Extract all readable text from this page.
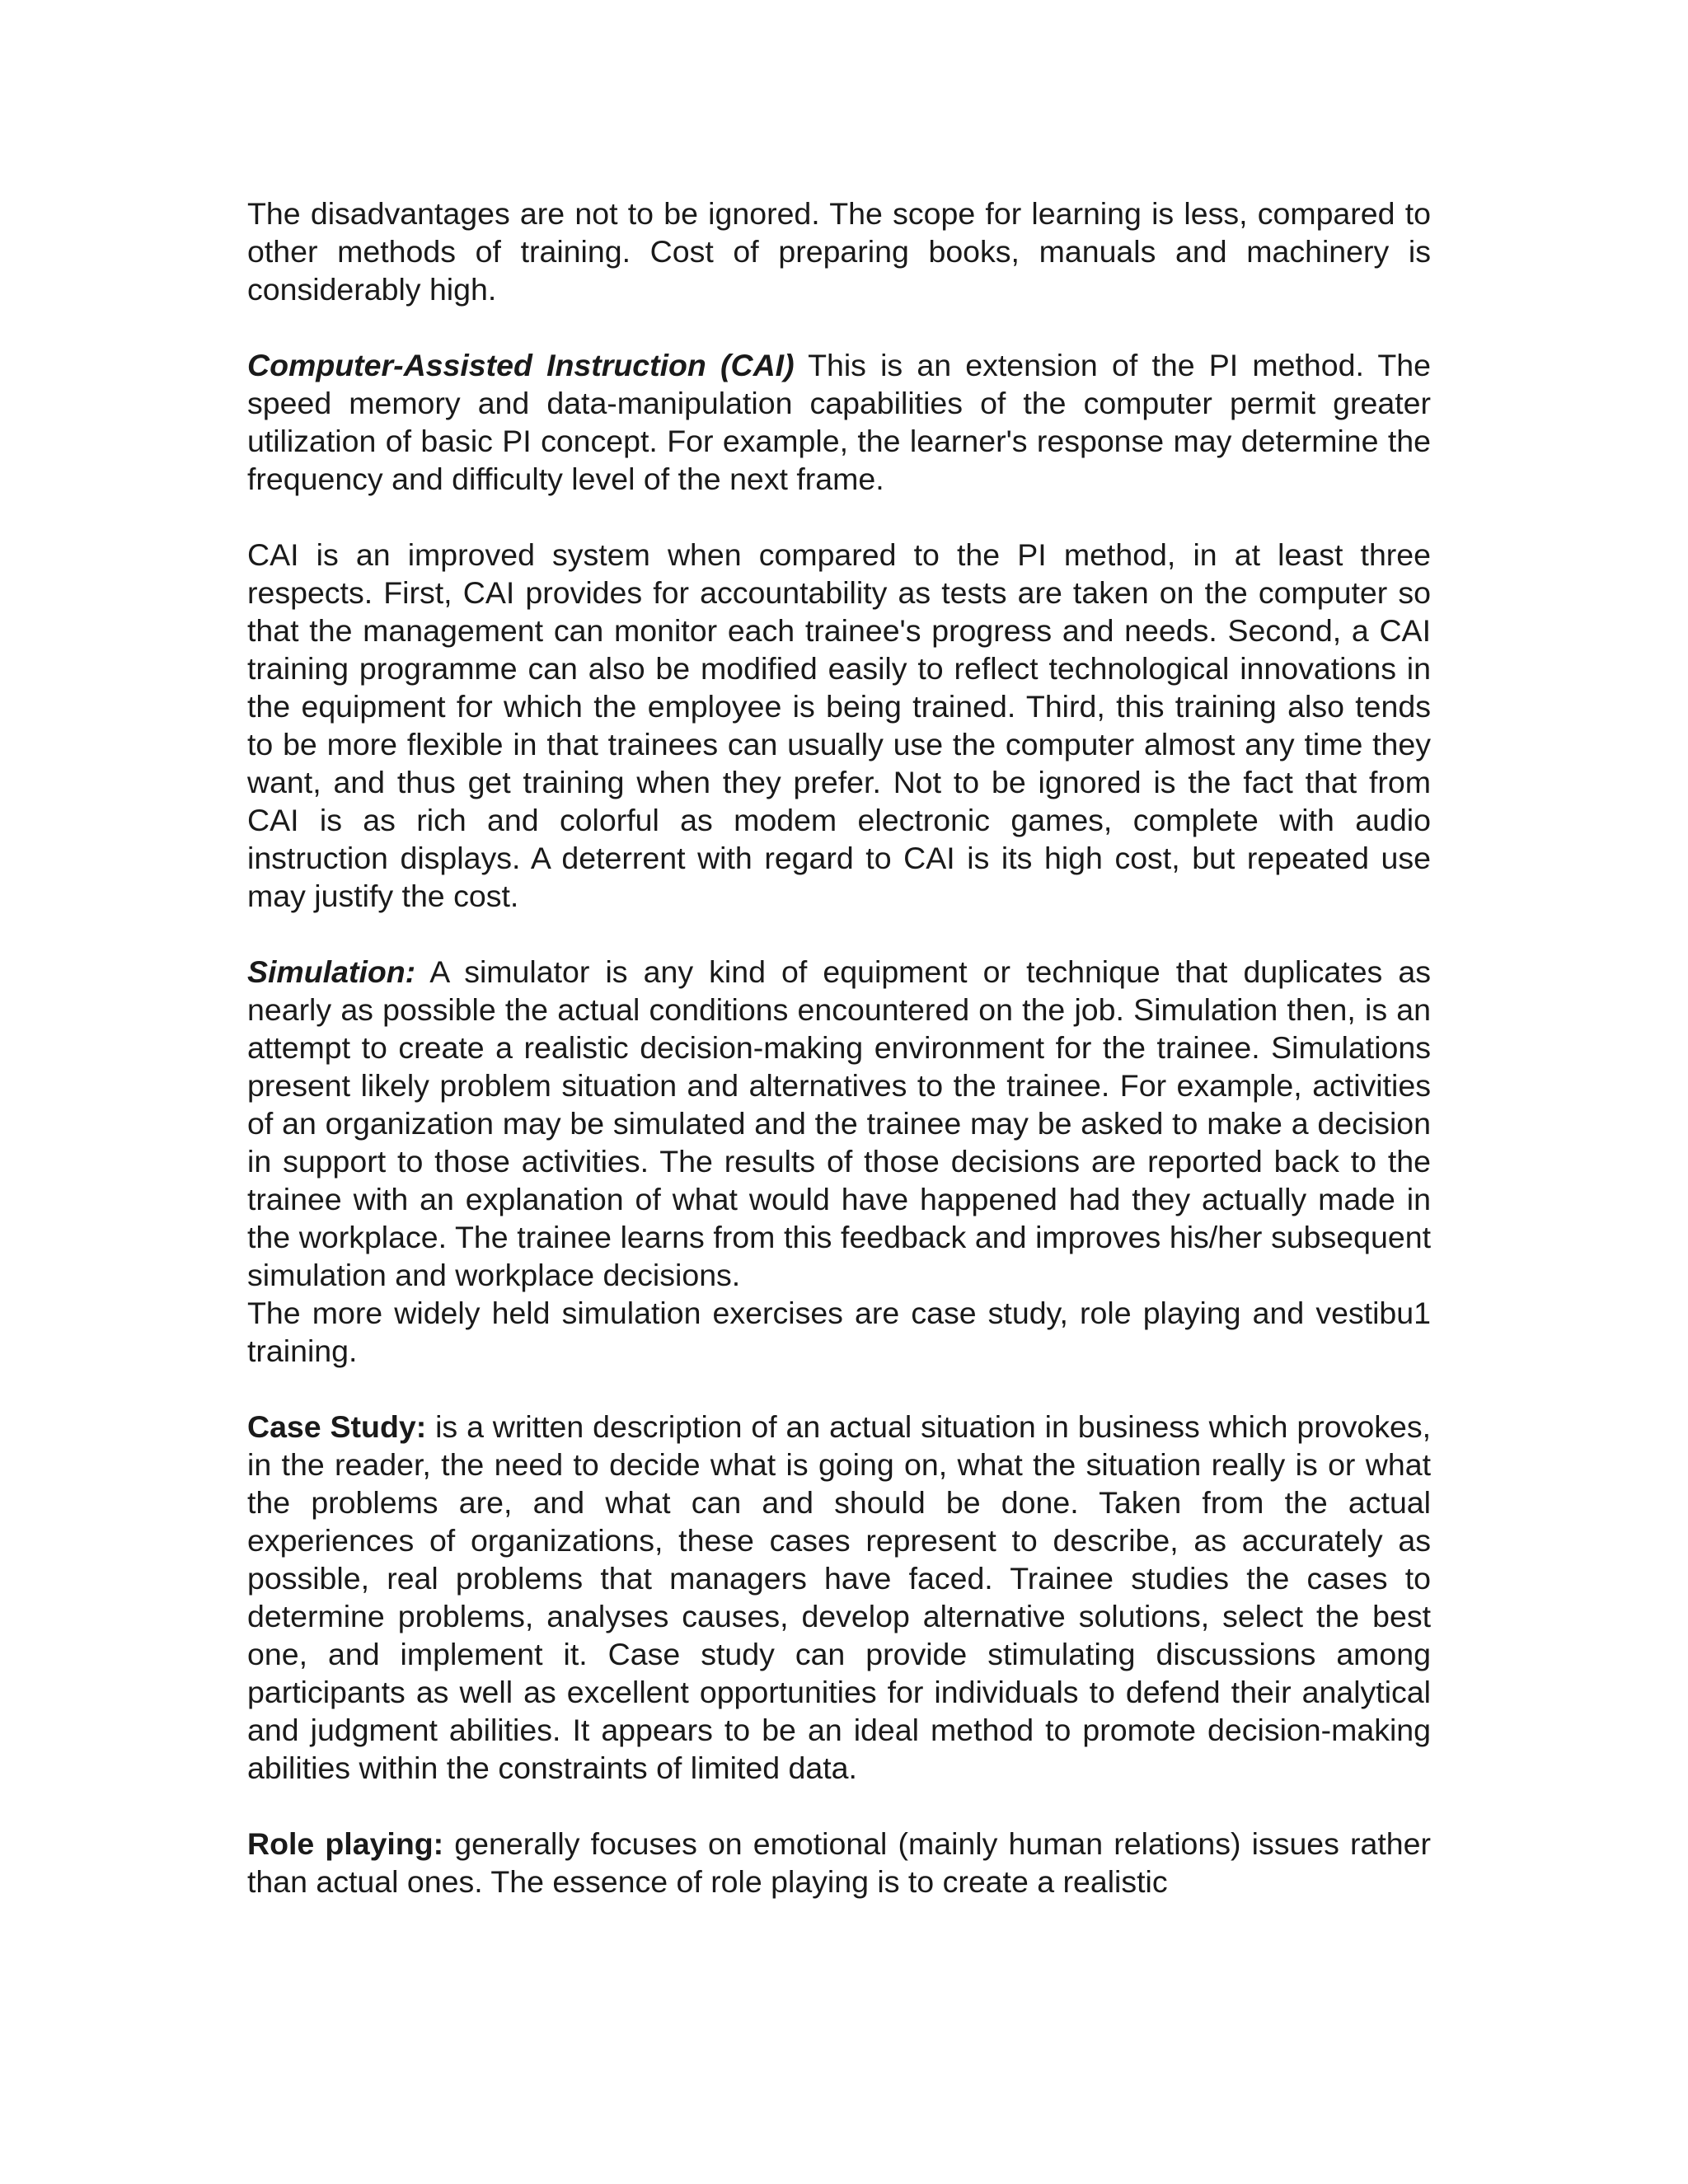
The disadvantages are not to be ignored. The scope for learning is less, compared to other methods of training. Cost of preparing books, manuals and machinery is considerably high.

Computer-Assisted Instruction (CAI) This is an extension of the PI method. The speed memory and data-manipulation capabilities of the computer permit greater utilization of basic PI concept. For example, the learner's response may determine the frequency and difficulty level of the next frame.

CAI is an improved system when compared to the PI method, in at least three respects. First, CAI provides for accountability as tests are taken on the computer so that the management can monitor each trainee's progress and needs. Second, a CAI training programme can also be modified easily to reflect technological innovations in the equipment for which the employee is being trained. Third, this training also tends to be more flexible in that trainees can usually use the computer almost any time they want, and thus get training when they prefer. Not to be ignored is the fact that from CAI is as rich and colorful as modem electronic games, complete with audio instruction displays. A deterrent with regard to CAI is its high cost, but repeated use may justify the cost.

Simulation: A simulator is any kind of equipment or technique that duplicates as nearly as possible the actual conditions encountered on the job. Simulation then, is an attempt to create a realistic decision-making environment for the trainee. Simulations present likely problem situation and alternatives to the trainee. For example, activities of an organization may be simulated and the trainee may be asked to make a decision in support to those activities. The results of those decisions are reported back to the trainee with an explanation of what would have happened had they actually made in the workplace. The trainee learns from this feedback and improves his/her subsequent simulation and workplace decisions.

The more widely held simulation exercises are case study, role playing and vestibu1 training.

Case Study: is a written description of an actual situation in business which provokes, in the reader, the need to decide what is going on, what the situation really is or what the problems are, and what can and should be done. Taken from the actual experiences of organizations, these cases represent to describe, as accurately as possible, real problems that managers have faced. Trainee studies the cases to determine problems, analyses causes, develop alternative solutions, select the best one, and implement it. Case study can provide stimulating discussions among participants as well as excellent opportunities for individuals to defend their analytical and judgment abilities. It appears to be an ideal method to promote decision-making abilities within the constraints of limited data.

Role playing: generally focuses on emotional (mainly human relations) issues rather than actual ones. The essence of role playing is to create a realistic
